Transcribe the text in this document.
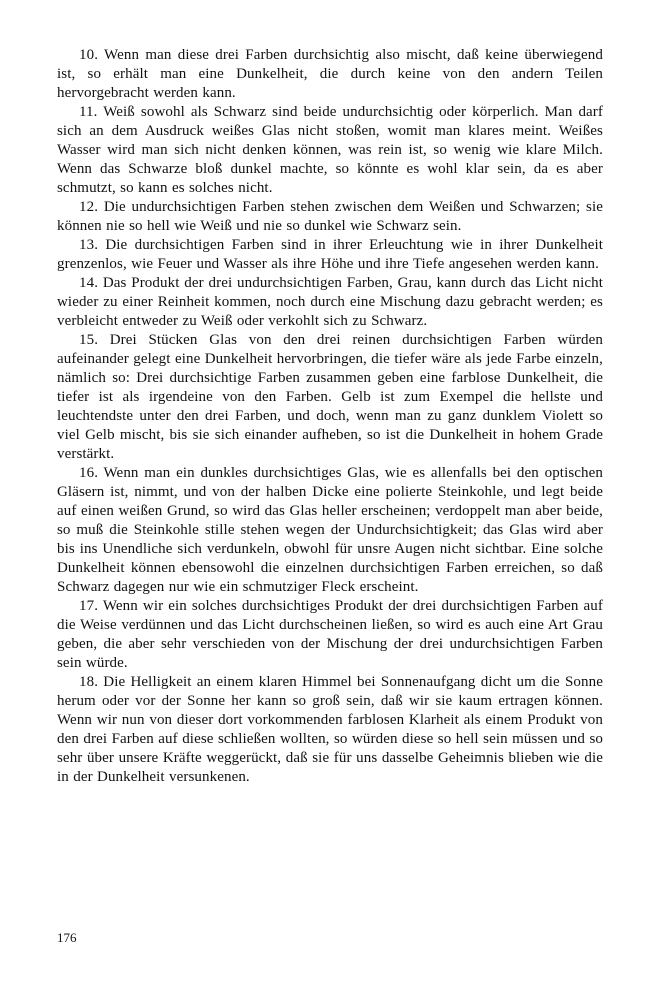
10. Wenn man diese drei Farben durchsichtig also mischt, daß keine überwiegend ist, so erhält man eine Dunkelheit, die durch keine von den andern Teilen hervorgebracht werden kann.

11. Weiß sowohl als Schwarz sind beide undurchsichtig oder körperlich. Man darf sich an dem Ausdruck weißes Glas nicht stoßen, womit man klares meint. Weißes Wasser wird man sich nicht denken können, was rein ist, so wenig wie klare Milch. Wenn das Schwarze bloß dunkel machte, so könnte es wohl klar sein, da es aber schmutzt, so kann es solches nicht.

12. Die undurchsichtigen Farben stehen zwischen dem Weißen und Schwarzen; sie können nie so hell wie Weiß und nie so dunkel wie Schwarz sein.

13. Die durchsichtigen Farben sind in ihrer Erleuchtung wie in ihrer Dunkelheit grenzenlos, wie Feuer und Wasser als ihre Höhe und ihre Tiefe angesehen werden kann.

14. Das Produkt der drei undurchsichtigen Farben, Grau, kann durch das Licht nicht wieder zu einer Reinheit kommen, noch durch eine Mischung dazu gebracht werden; es verbleicht entweder zu Weiß oder verkohlt sich zu Schwarz.

15. Drei Stücken Glas von den drei reinen durchsichtigen Farben würden aufeinander gelegt eine Dunkelheit hervorbringen, die tiefer wäre als jede Farbe einzeln, nämlich so: Drei durchsichtige Farben zusammen geben eine farblose Dunkelheit, die tiefer ist als irgendeine von den Farben. Gelb ist zum Exempel die hellste und leuchtendste unter den drei Farben, und doch, wenn man zu ganz dunklem Violett so viel Gelb mischt, bis sie sich einander aufheben, so ist die Dunkelheit in hohem Grade verstärkt.

16. Wenn man ein dunkles durchsichtiges Glas, wie es allenfalls bei den optischen Gläsern ist, nimmt, und von der halben Dicke eine polierte Steinkohle, und legt beide auf einen weißen Grund, so wird das Glas heller erscheinen; verdoppelt man aber beide, so muß die Steinkohle stille stehen wegen der Undurchsichtigkeit; das Glas wird aber bis ins Unendliche sich verdunkeln, obwohl für unsre Augen nicht sichtbar. Eine solche Dunkelheit können ebensowohl die einzelnen durchsichtigen Farben erreichen, so daß Schwarz dagegen nur wie ein schmutziger Fleck erscheint.

17. Wenn wir ein solches durchsichtiges Produkt der drei durchsichtigen Farben auf die Weise verdünnen und das Licht durchscheinen ließen, so wird es auch eine Art Grau geben, die aber sehr verschieden von der Mischung der drei undurchsichtigen Farben sein würde.

18. Die Helligkeit an einem klaren Himmel bei Sonnenaufgang dicht um die Sonne herum oder vor der Sonne her kann so groß sein, daß wir sie kaum ertragen können. Wenn wir nun von dieser dort vorkommenden farblosen Klarheit als einem Produkt von den drei Farben auf diese schließen wollten, so würden diese so hell sein müssen und so sehr über unsere Kräfte weggerückt, daß sie für uns dasselbe Geheimnis blieben wie die in der Dunkelheit versunkenen.

176
